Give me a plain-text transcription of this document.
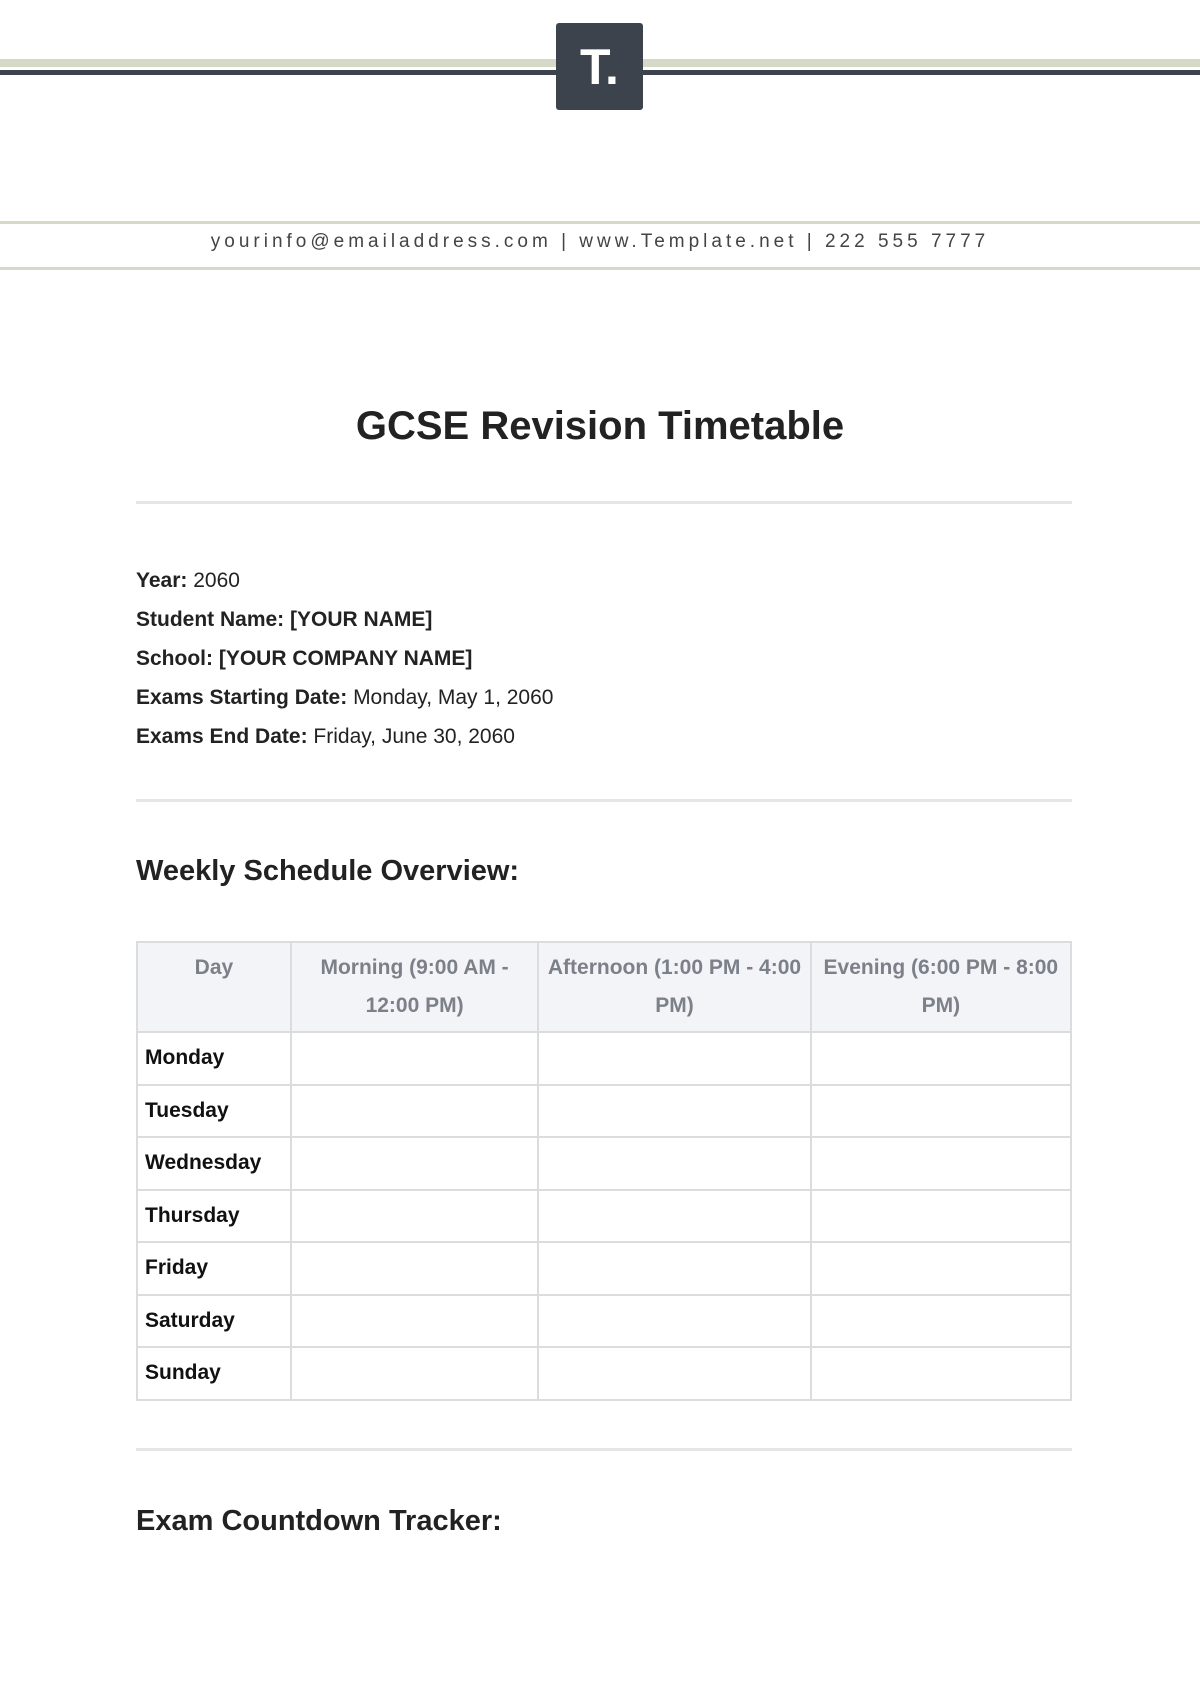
T.
yourinfo@emailaddress.com | www.Template.net | 222 555 7777
GCSE Revision Timetable
Year: 2060
Student Name: [YOUR NAME]
School: [YOUR COMPANY NAME]
Exams Starting Date: Monday, May 1, 2060
Exams End Date: Friday, June 30, 2060
Weekly Schedule Overview:
Day	Morning (9:00 AM - 12:00 PM)	Afternoon (1:00 PM - 4:00 PM)	Evening (6:00 PM - 8:00 PM)
Monday			
Tuesday			
Wednesday			
Thursday			
Friday			
Saturday			
Sunday			
Exam Countdown Tracker:
